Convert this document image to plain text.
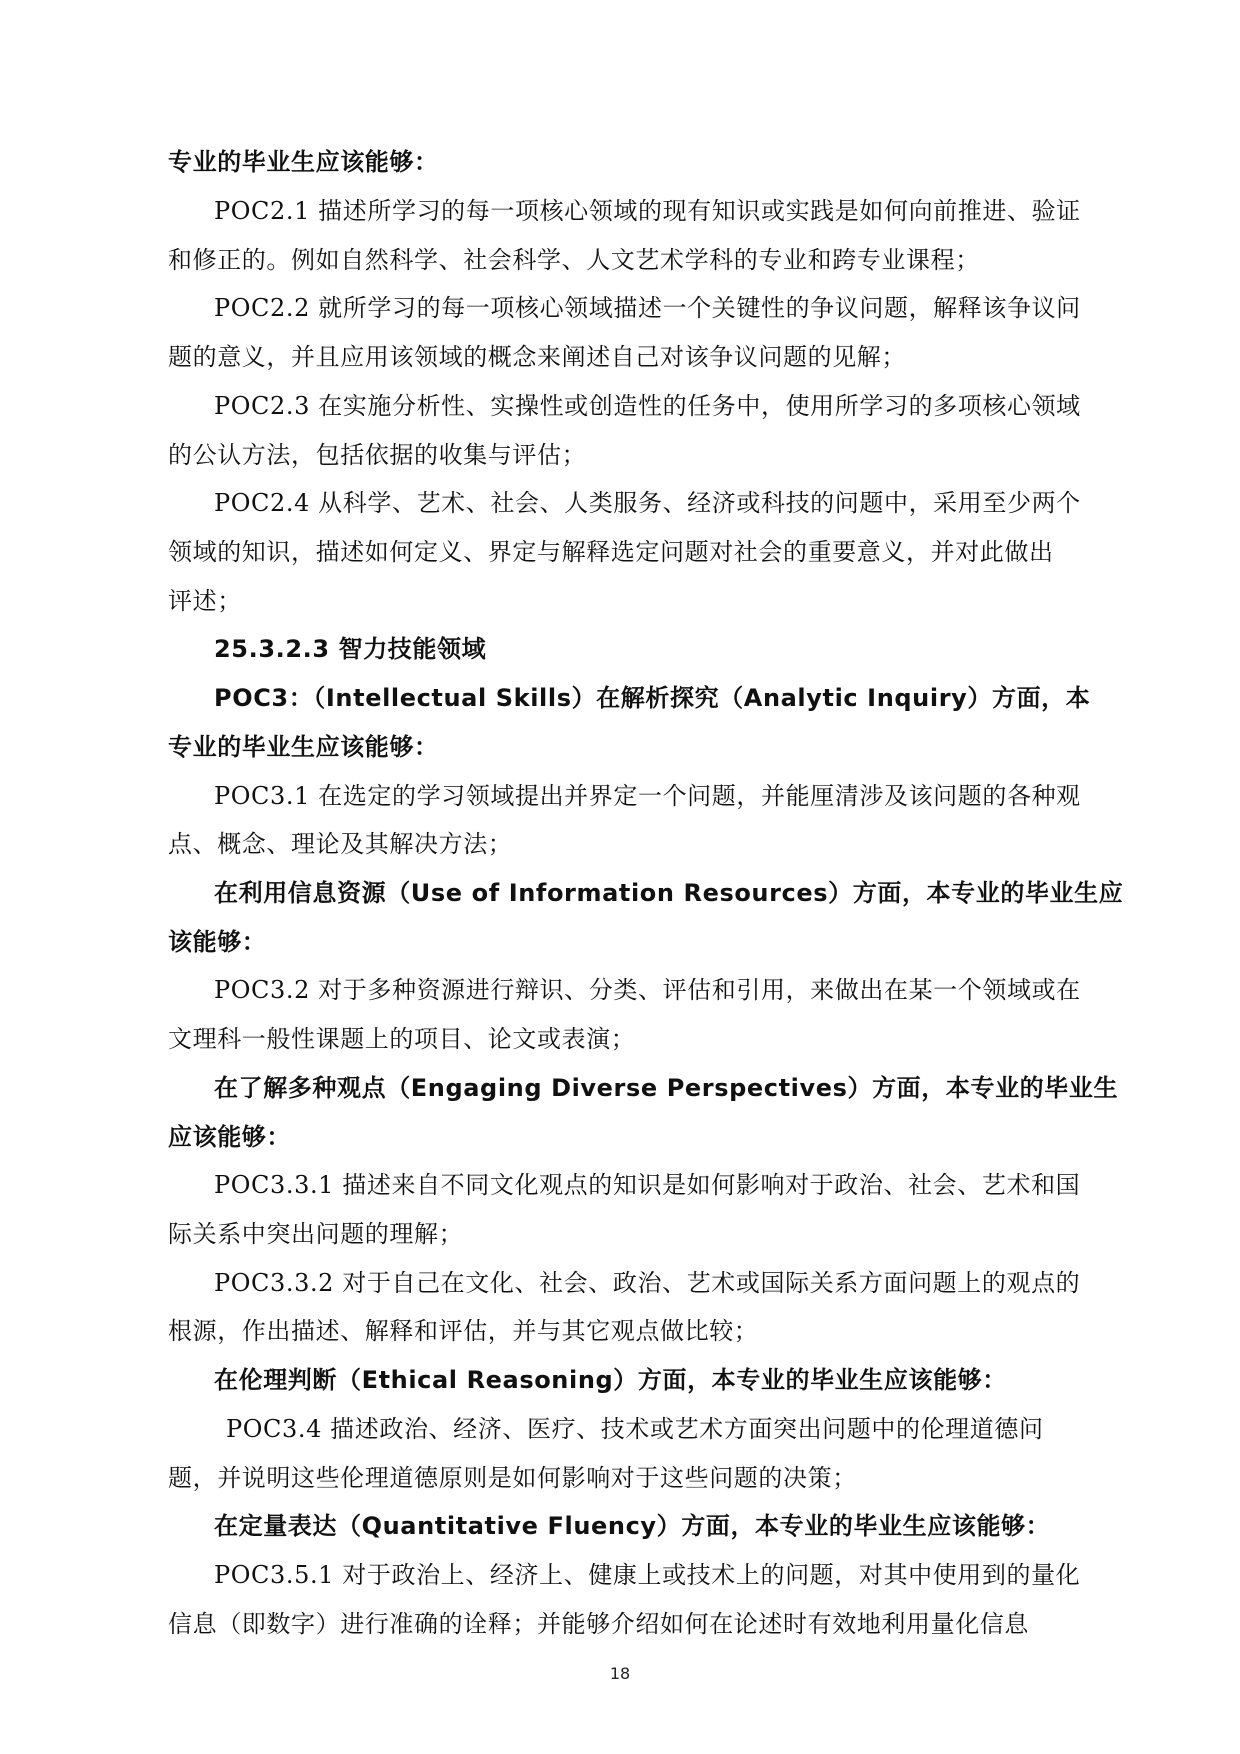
专业的毕业生应该能够：
POC2.1 描述所学习的每一项核心领域的现有知识或实践是如何向前推进、验证
和修正的。例如自然科学、社会科学、人文艺术学科的专业和跨专业课程；
POC2.2 就所学习的每一项核心领域描述一个关键性的争议问题，解释该争议问
题的意义，并且应用该领域的概念来阐述自己对该争议问题的见解；
POC2.3 在实施分析性、实操性或创造性的任务中，使用所学习的多项核心领域
的公认方法，包括依据的收集与评估；
POC2.4 从科学、艺术、社会、人类服务、经济或科技的问题中，采用至少两个
领域的知识，描述如何定义、界定与解释选定问题对社会的重要意义，并对此做出
评述；
25.3.2.3 智力技能领域
POC3：（Intellectual Skills）在解析探究（Analytic Inquiry）方面，本
专业的毕业生应该能够：
POC3.1 在选定的学习领域提出并界定一个问题，并能厘清涉及该问题的各种观
点、概念、理论及其解决方法；
在利用信息资源（Use of Information Resources）方面，本专业的毕业生应
该能够：
POC3.2 对于多种资源进行辩识、分类、评估和引用，来做出在某一个领域或在
文理科一般性课题上的项目、论文或表演；
在了解多种观点（Engaging Diverse Perspectives）方面，本专业的毕业生
应该能够：
POC3.3.1 描述来自不同文化观点的知识是如何影响对于政治、社会、艺术和国
际关系中突出问题的理解；
POC3.3.2 对于自己在文化、社会、政治、艺术或国际关系方面问题上的观点的
根源，作出描述、解释和评估，并与其它观点做比较；
在伦理判断（Ethical Reasoning）方面，本专业的毕业生应该能够：
POC3.4 描述政治、经济、医疗、技术或艺术方面突出问题中的伦理道德问
题，并说明这些伦理道德原则是如何影响对于这些问题的决策；
在定量表达（Quantitative Fluency）方面，本专业的毕业生应该能够：
POC3.5.1 对于政治上、经济上、健康上或技术上的问题，对其中使用到的量化
信息（即数字）进行准确的诠释；并能够介绍如何在论述时有效地利用量化信息
18
